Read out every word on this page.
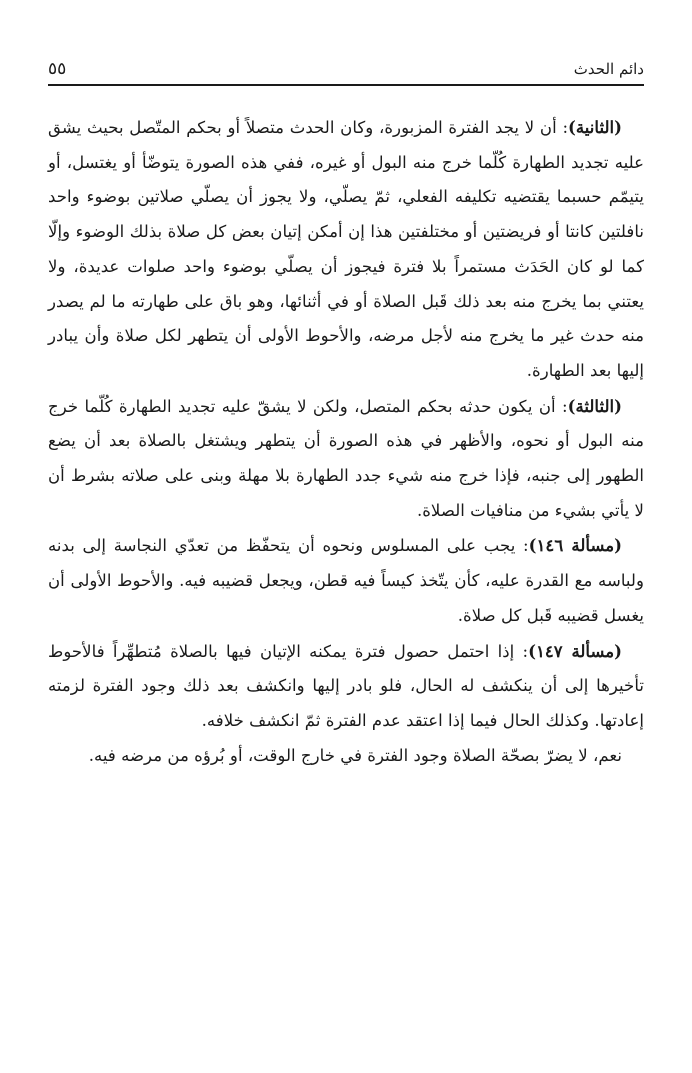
دائم الحدث
٥٥

(الثانية): أن لا يجد الفترة المزبورة، وكان الحدث متصلاً أو بحكم المتّصل بحيث يشق عليه تجديد الطهارة كُلّما خرج منه البول أو غيره، ففي هذه الصورة يتوضّأ أو يغتسل، أو يتيمّم حسبما يقتضيه تكليفه الفعلي، ثمّ يصلّي، ولا يجوز أن يصلّي صلاتين بوضوء واحد نافلتين كانتا أو فريضتين أو مختلفتين هذا إن أمكن إتيان بعض كل صلاة بذلك الوضوء وإلّا كما لو كان الحَدَث مستمراً بلا فترة فيجوز أن يصلّي بوضوء واحد صلوات عديدة، ولا يعتني بما يخرج منه بعد ذلك قَبل الصلاة أو في أثنائها، وهو باق على طهارته ما لم يصدر منه حدث غير ما يخرج منه لأجل مرضه، والأحوط الأولى أن يتطهر لكل صلاة وأن يبادر إليها بعد الطهارة.

(الثالثة): أن يكون حدثه بحكم المتصل، ولكن لا يشقّ عليه تجديد الطهارة كُلّما خرج منه البول أو نحوه، والأظهر في هذه الصورة أن يتطهر ويشتغل بالصلاة بعد أن يضع الطهور إلى جنبه، فإذا خرج منه شيء جدد الطهارة بلا مهلة وبنى على صلاته بشرط أن لا يأتي بشيء من منافيات الصلاة.

(مسألة ١٤٦): يجب على المسلوس ونحوه أن يتحفّظ من تعدّي النجاسة إلى بدنه ولباسه مع القدرة عليه، كأن يتّخذ كيساً فيه قطن، ويجعل قضيبه فيه. والأحوط الأولى أن يغسل قضيبه قَبل كل صلاة.

(مسألة ١٤٧): إذا احتمل حصول فترة يمكنه الإتيان فيها بالصلاة مُتطهِّراً فالأحوط تأخيرها إلى أن ينكشف له الحال، فلو بادر إليها وانكشف بعد ذلك وجود الفترة لزمته إعادتها. وكذلك الحال فيما إذا اعتقد عدم الفترة ثمّ انكشف خلافه.

نعم، لا يضرّ بصحّة الصلاة وجود الفترة في خارج الوقت، أو بُرؤه من مرضه فيه.
